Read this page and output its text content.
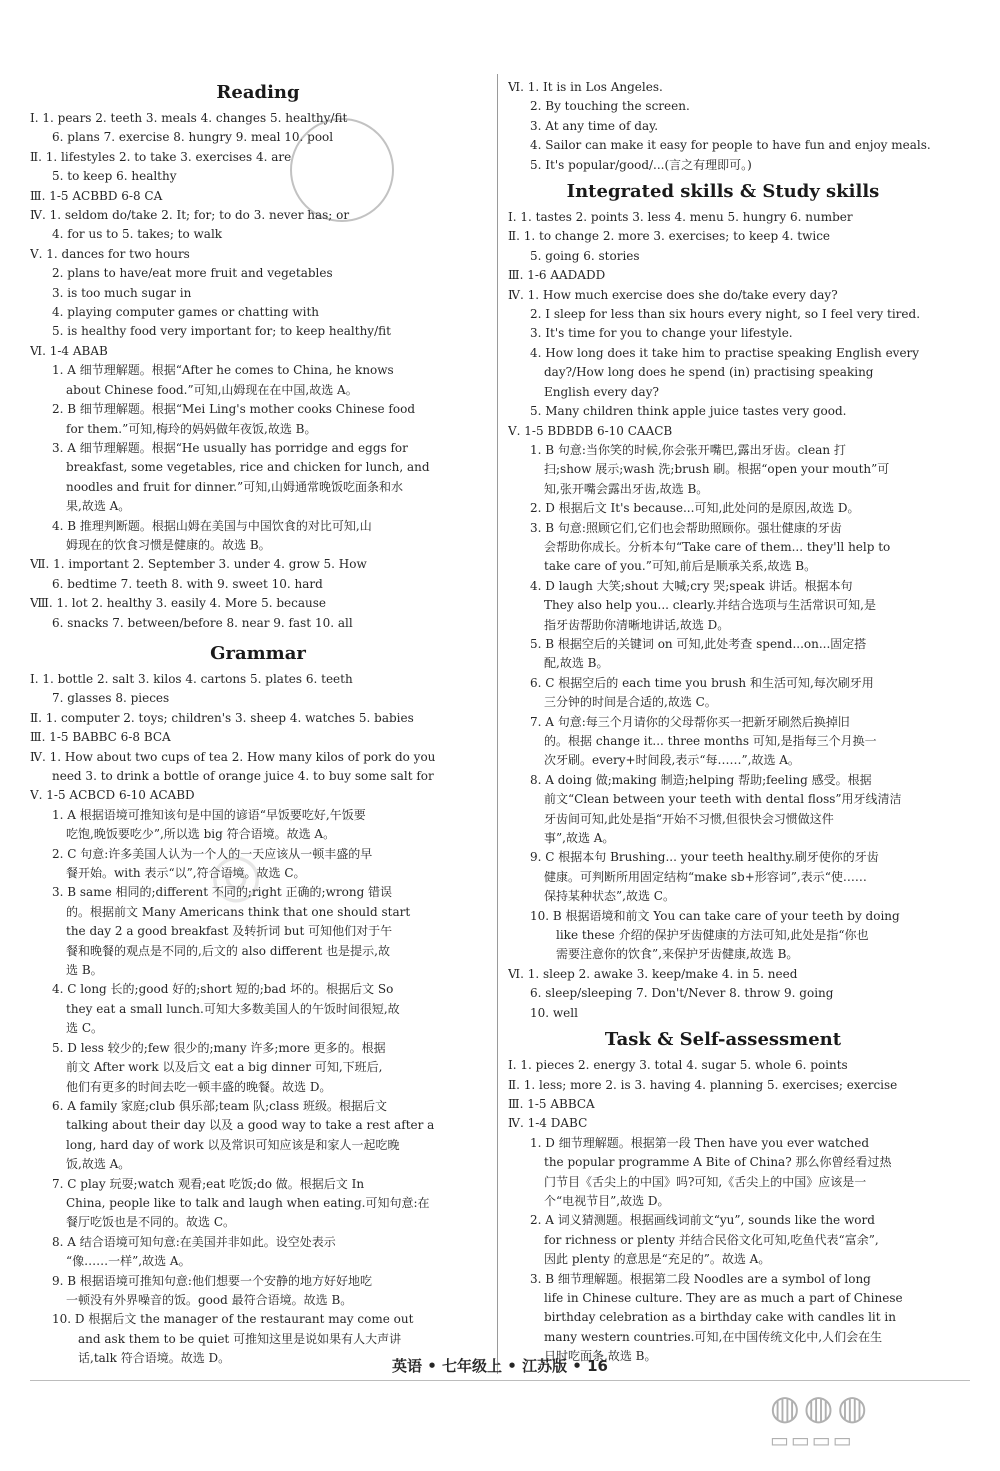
Reading
Ⅰ. 1. pears 2. teeth 3. meals 4. changes 5. healthy/fit
6. plans 7. exercise 8. hungry 9. meal 10. pool
Ⅱ. 1. lifestyles 2. to take 3. exercises 4. are
5. to keep 6. healthy
Ⅲ. 1-5 ACBBD 6-8 CA
Ⅳ. 1. seldom do/take 2. It; for; to do 3. never has; or
4. for us to 5. takes; to walk
Ⅴ. 1. dances for two hours
2. plans to have/eat more fruit and vegetables
3. is too much sugar in
4. playing computer games or chatting with
5. is healthy food very important for; to keep healthy/fit
Ⅵ. 1-4 ABAB
1. A 细节理解题。根据“After he comes to China, he knows
about Chinese food.”可知,山姆现在在中国,故选 A。
2. B 细节理解题。根据“Mei Ling's mother cooks Chinese food
for them.”可知,梅玲的妈妈做年夜饭,故选 B。
3. A 细节理解题。根据“He usually has porridge and eggs for
breakfast, some vegetables, rice and chicken for lunch, and
noodles and fruit for dinner.”可知,山姆通常晚饭吃面条和水
果,故选 A。
4. B 推理判断题。根据山姆在美国与中国饮食的对比可知,山
姆现在的饮食习惯是健康的。故选 B。
Ⅶ. 1. important 2. September 3. under 4. grow 5. How
6. bedtime 7. teeth 8. with 9. sweet 10. hard
Ⅷ. 1. lot 2. healthy 3. easily 4. More 5. because
6. snacks 7. between/before 8. near 9. fast 10. all
Grammar
Ⅰ. 1. bottle 2. salt 3. kilos 4. cartons 5. plates 6. teeth
7. glasses 8. pieces
Ⅱ. 1. computer 2. toys; children's 3. sheep 4. watches 5. babies
Ⅲ. 1-5 BABBC 6-8 BCA
Ⅳ. 1. How about two cups of tea 2. How many kilos of pork do you
need 3. to drink a bottle of orange juice 4. to buy some salt for
Ⅴ. 1-5 ACBCD 6-10 ACABD
1. A 根据语境可推知该句是中国的谚语“早饭要吃好,午饭要
吃饱,晚饭要吃少”,所以选 big 符合语境。故选 A。
2. C 句意:许多美国人认为一个人的一天应该从一顿丰盛的早
餐开始。with 表示“以”,符合语境。故选 C。
3. B same 相同的;different 不同的;right 正确的;wrong 错误
的。根据前文 Many Americans think that one should start
the day 2 a good breakfast 及转折词 but 可知他们对于午
餐和晚餐的观点是不同的,后文的 also different 也是提示,故
选 B。
4. C long 长的;good 好的;short 短的;bad 坏的。根据后文 So
they eat a small lunch.可知大多数美国人的午饭时间很短,故
选 C。
5. D less 较少的;few 很少的;many 许多;more 更多的。根据
前文 After work 以及后文 eat a big dinner 可知,下班后,
他们有更多的时间去吃一顿丰盛的晚餐。故选 D。
6. A family 家庭;club 俱乐部;team 队;class 班级。根据后文
talking about their day 以及 a good way to take a rest after a
long, hard day of work 以及常识可知应该是和家人一起吃晚
饭,故选 A。
7. C play 玩耍;watch 观看;eat 吃饭;do 做。根据后文 In
China, people like to talk and laugh when eating.可知句意:在
餐厅吃饭也是不同的。故选 C。
8. A 结合语境可知句意:在美国并非如此。设空处表示
“像……一样”,故选 A。
9. B 根据语境可推知句意:他们想要一个安静的地方好好地吃
一顿没有外界噪音的饭。good 最符合语境。故选 B。
10. D 根据后文 the manager of the restaurant may come out
and ask them to be quiet 可推知这里是说如果有人大声讲
话,talk 符合语境。故选 D。
Ⅵ. 1. It is in Los Angeles.
2. By touching the screen.
3. At any time of day.
4. Sailor can make it easy for people to have fun and enjoy meals.
5. It's popular/good/...(言之有理即可。)
Integrated skills & Study skills
Ⅰ. 1. tastes 2. points 3. less 4. menu 5. hungry 6. number
Ⅱ. 1. to change 2. more 3. exercises; to keep 4. twice
5. going 6. stories
Ⅲ. 1-6 AADADD
Ⅳ. 1. How much exercise does she do/take every day?
2. I sleep for less than six hours every night, so I feel very tired.
3. It's time for you to change your lifestyle.
4. How long does it take him to practise speaking English every
day?/How long does he spend (in) practising speaking
English every day?
5. Many children think apple juice tastes very good.
Ⅴ. 1-5 BDBDB 6-10 CAACB
1. B 句意:当你笑的时候,你会张开嘴巴,露出牙齿。clean 打
扫;show 展示;wash 洗;brush 刷。根据“open your mouth”可
知,张开嘴会露出牙齿,故选 B。
2. D 根据后文 It's because...可知,此处问的是原因,故选 D。
3. B 句意:照顾它们,它们也会帮助照顾你。强壮健康的牙齿
会帮助你成长。分析本句“Take care of them... they'll help to
take care of you.”可知,前后是顺承关系,故选 B。
4. D laugh 大笑;shout 大喊;cry 哭;speak 讲话。根据本句
They also help you... clearly.并结合选项与生活常识可知,是
指牙齿帮助你清晰地讲话,故选 D。
5. B 根据空后的关键词 on 可知,此处考查 spend...on...固定搭
配,故选 B。
6. C 根据空后的 each time you brush 和生活可知,每次刷牙用
三分钟的时间是合适的,故选 C。
7. A 句意:每三个月请你的父母帮你买一把新牙刷然后换掉旧
的。根据 change it... three months 可知,是指每三个月换一
次牙刷。every+时间段,表示“每……”,故选 A。
8. A doing 做;making 制造;helping 帮助;feeling 感受。根据
前文“Clean between your teeth with dental floss”用牙线清洁
牙齿间可知,此处是指“开始不习惯,但很快会习惯做这件
事”,故选 A。
9. C 根据本句 Brushing... your teeth healthy.刷牙使你的牙齿
健康。可判断所用固定结构“make sb+形容词”,表示“使……
保持某种状态”,故选 C。
10. B 根据语境和前文 You can take care of your teeth by doing
like these 介绍的保护牙齿健康的方法可知,此处是指“你也
需要注意你的饮食”,来保护牙齿健康,故选 B。
Ⅵ. 1. sleep 2. awake 3. keep/make 4. in 5. need
6. sleep/sleeping 7. Don't/Never 8. throw 9. going
10. well
Task & Self-assessment
Ⅰ. 1. pieces 2. energy 3. total 4. sugar 5. whole 6. points
Ⅱ. 1. less; more 2. is 3. having 4. planning 5. exercises; exercise
Ⅲ. 1-5 ABBCA
Ⅳ. 1-4 DABC
1. D 细节理解题。根据第一段 Then have you ever watched
the popular programme A Bite of China? 那么你曾经看过热
门节目《舌尖上的中国》吗?可知,《舌尖上的中国》应该是一
个“电视节目”,故选 D。
2. A 词义猜测题。根据画线词前文“yu”, sounds like the word
for richness or plenty 并结合民俗文化可知,吃鱼代表“富余”,
因此 plenty 的意思是“充足的”。故选 A。
3. B 细节理解题。根据第二段 Noodles are a symbol of long
life in Chinese culture. They are as much a part of Chinese
birthday celebration as a birthday cake with candles lit in
many western countries.可知,在中国传统文化中,人们会在生
日时吃面条,故选 B。
◎
英语 • 七年级上 • 江苏版 • 16
◍◍◍
▭▭▭▭
